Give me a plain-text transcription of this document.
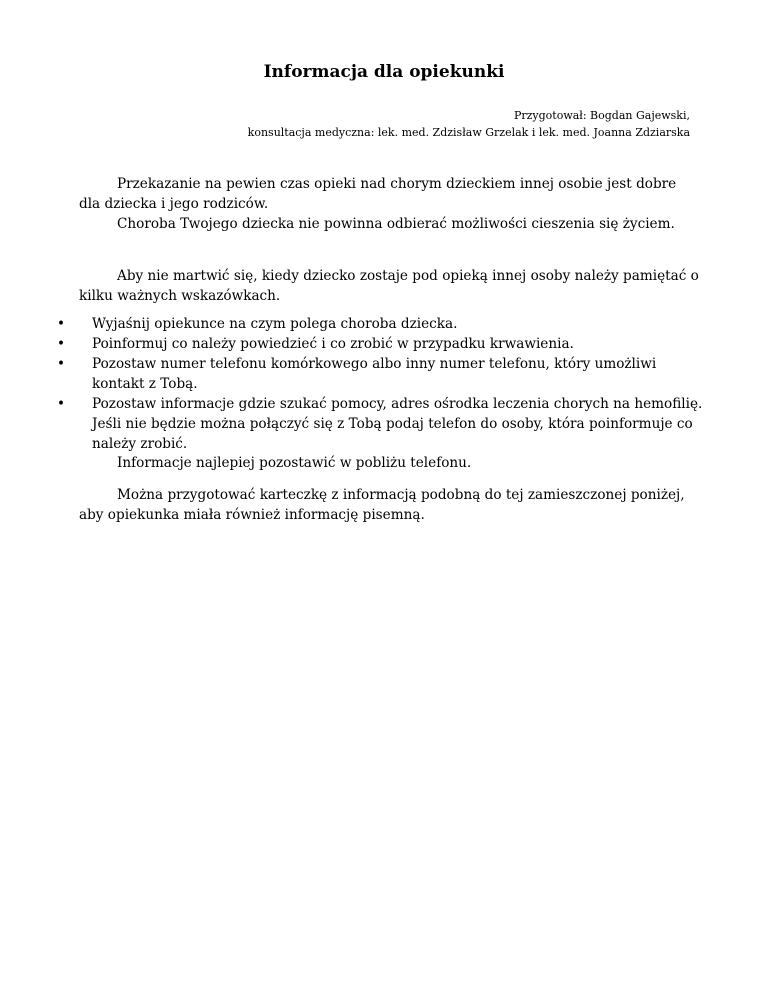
Informacja dla opiekunki
Przygotował: Bogdan Gajewski,
konsultacja medyczna: lek. med. Zdzisław Grzelak i lek. med. Joanna Zdziarska

Przekazanie na pewien czas opieki nad chorym dzieckiem innej osobie jest dobre dla dziecka i jego rodziców.

Choroba Twojego dziecka nie powinna odbierać możliwości cieszenia się życiem.

Aby nie martwić się, kiedy dziecko zostaje pod opieką innej osoby należy pamiętać o kilku ważnych wskazówkach.

• Wyjaśnij opiekunce na czym polega choroba dziecka.
• Poinformuj co należy powiedzieć i co zrobić w przypadku krwawienia.
• Pozostaw numer telefonu komórkowego albo inny numer telefonu, który umożliwi kontakt z Tobą.
• Pozostaw informacje gdzie szukać pomocy, adres ośrodka leczenia chorych na hemofilię. Jeśli nie będzie można połączyć się z Tobą podaj telefon do osoby, która poinformuje co należy zrobić.

Informacje najlepiej pozostawić w pobliżu telefonu.

Można przygotować karteczkę z informacją podobną do tej zamieszczonej poniżej, aby opiekunka miała również informację pisemną.
